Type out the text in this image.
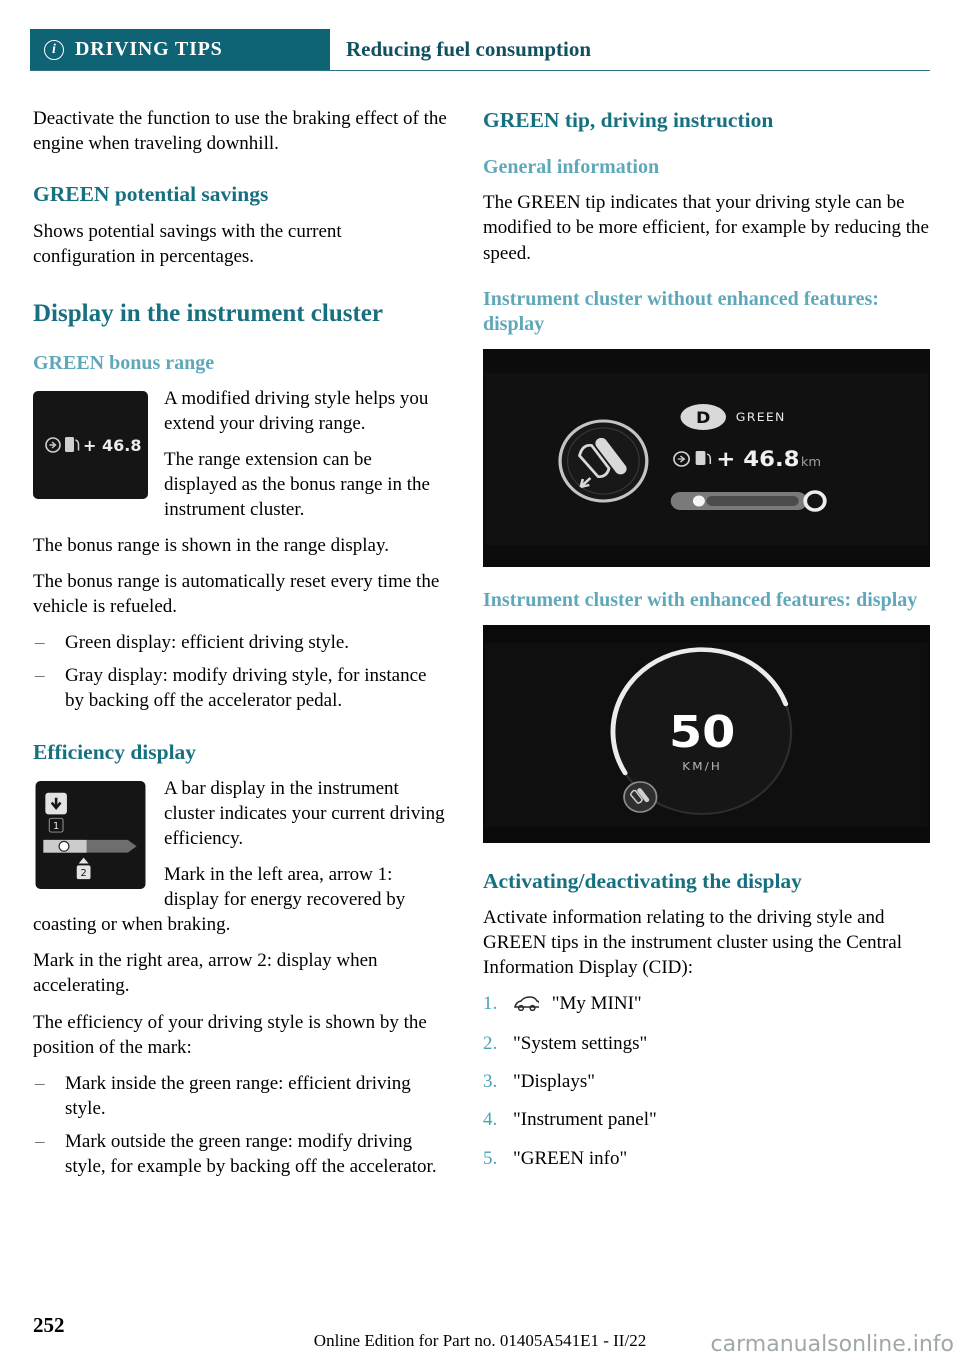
i DRIVING TIPS	Reducing fuel consumption

Deactivate the function to use the braking effect of the engine when traveling downhill.

GREEN potential savings

Shows potential savings with the current configuration in percentages.

Display in the instrument cluster
GREEN bonus range
+ 46.8

A modified driving style helps you extend your driving range.

The range extension can be displayed as the bonus range in the instrument cluster.

The bonus range is shown in the range display.

The bonus range is automatically reset every time the vehicle is refueled.

– Green display: efficient driving style.
– Gray display: modify driving style, for instance by backing off the accelerator pedal.
Efficiency display
1
2

A bar display in the instrument cluster indicates your current driving efficiency.

Mark in the left area, arrow 1: display for energy recovered by coasting or when braking.

Mark in the right area, arrow 2: display when accelerating.

The efficiency of your driving style is shown by the position of the mark:

– Mark inside the green range: efficient driving style.
– Mark outside the green range: modify driving style, for example by backing off the accelerator.
GREEN tip, driving instruction
General information

The GREEN tip indicates that your driving style can be modified to be more efficient, for example by reducing the speed.

Instrument cluster without enhanced features: display
D GREEN
+ 46.8 km
Instrument cluster with enhanced features: display
50
KM/H
Activating/deactivating the display

Activate information relating to the driving style and GREEN tips in the instrument cluster using the Central Information Display (CID):

1.	"My MINI"
2. "System settings"
3. "Displays"
4. "Instrument panel"
5. "GREEN info"
252
Online Edition for Part no. 01405A541E1 - II/22	carmanualsonline.info
